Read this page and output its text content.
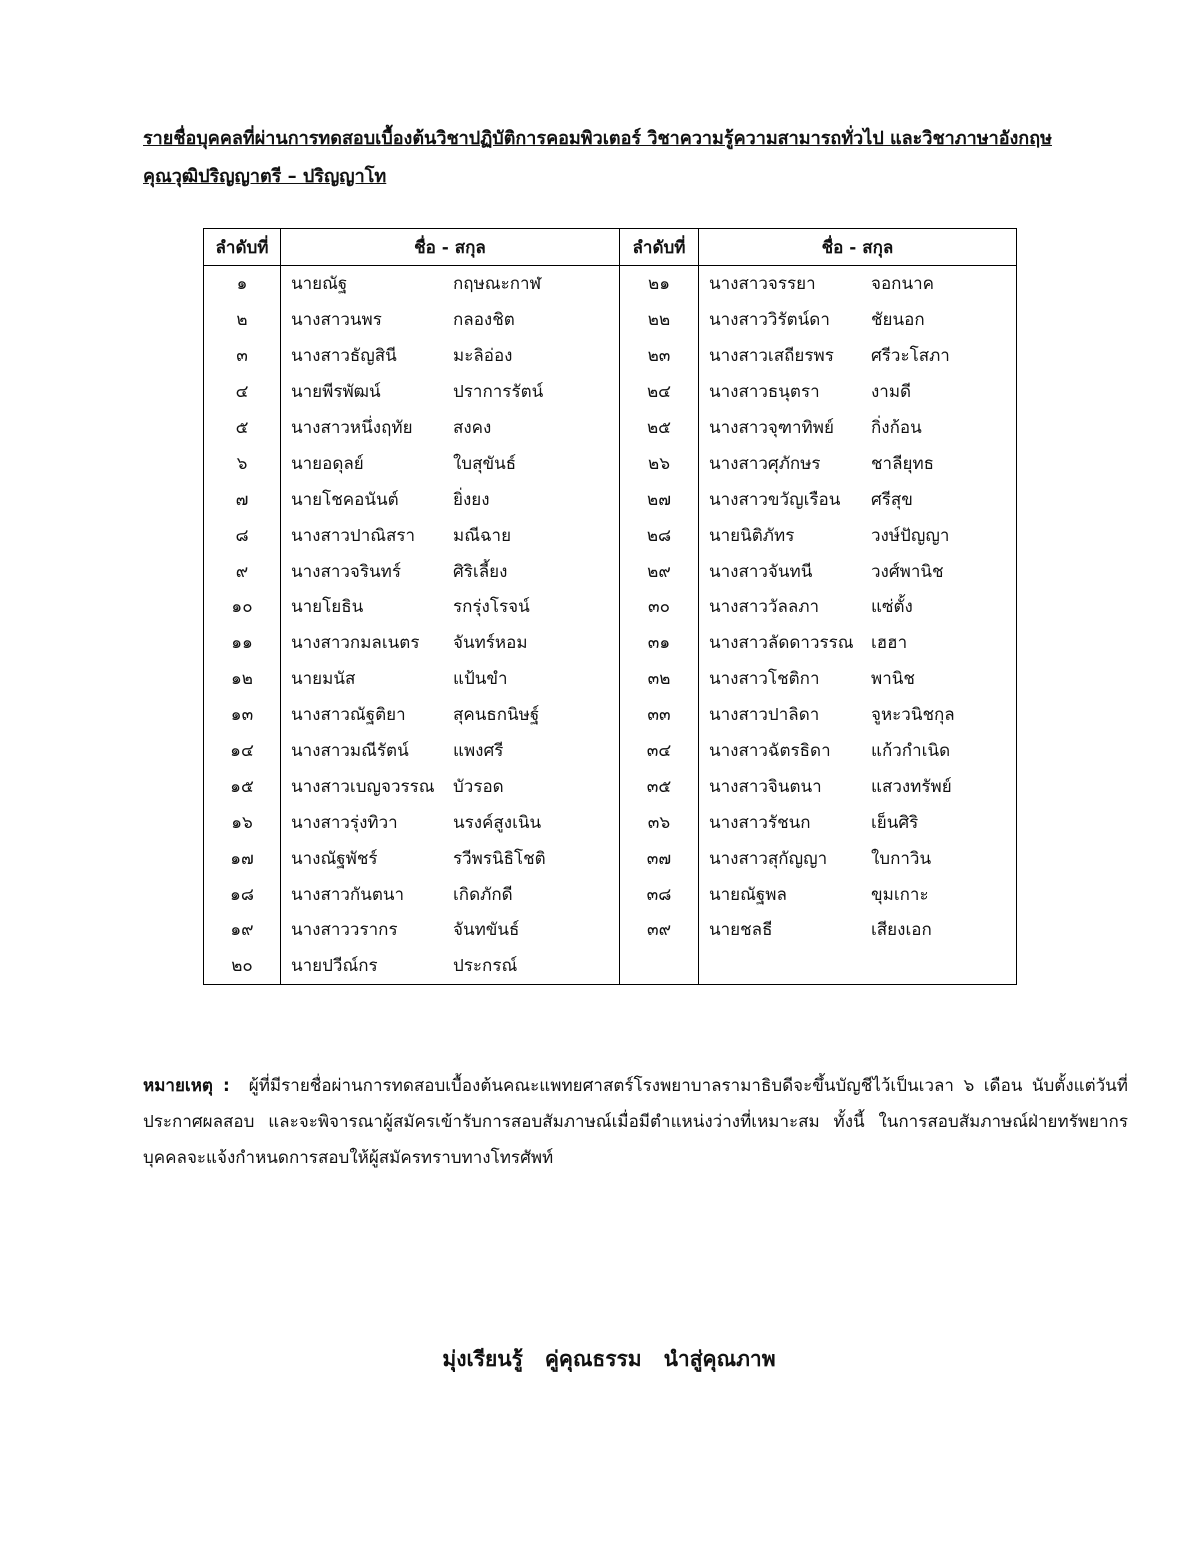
รายชื่อบุคคลที่ผ่านการทดสอบเบื้องต้นวิชาปฏิบัติการคอมพิวเตอร์ วิชาความรู้ความสามารถทั่วไป และวิชาภาษาอังกฤษ
คุณวุฒิปริญญาตรี – ปริญญาโท
ลำดับที่	ชื่อ - สกุล	ลำดับที่	ชื่อ - สกุล
๑	นายณัฐ กฤษณะกาฬ	๒๑	นางสาวจรรยา จอกนาค
๒	นางสาวนพร กลองชิต	๒๒	นางสาววิรัตน์ดา ชัยนอก
๓	นางสาวธัญสินี มะลิอ่อง	๒๓	นางสาวเสถียรพร ศรีวะโสภา
๔	นายพีรพัฒน์ ปราการรัตน์	๒๔	นางสาวธนุตรา งามดี
๕	นางสาวหนึ่งฤทัย สงคง	๒๕	นางสาวจุฑาทิพย์ กิ่งก้อน
๖	นายอดุลย์ ใบสุขันธ์	๒๖	นางสาวศุภักษร ชาลียุทธ
๗	นายโชคอนันต์ ยิ่งยง	๒๗	นางสาวขวัญเรือน ศรีสุข
๘	นางสาวปาณิสรา มณีฉาย	๒๘	นายนิติภัทร วงษ์ปัญญา
๙	นางสาวจรินทร์ ศิริเลี้ยง	๒๙	นางสาวจันทนี วงศ์พานิช
๑๐	นายโยธิน รกรุ่งโรจน์	๓๐	นางสาววัลลภา แซ่ตั้ง
๑๑	นางสาวกมลเนตร จันทร์หอม	๓๑	นางสาวลัดดาวรรณ เฮฮา
๑๒	นายมนัส แป้นขำ	๓๒	นางสาวโชติกา พานิช
๑๓	นางสาวณัฐติยา สุคนธกนิษฐ์	๓๓	นางสาวปาลิดา จูหะวนิชกุล
๑๔	นางสาวมณีรัตน์ แพงศรี	๓๔	นางสาวฉัตรธิดา แก้วกำเนิด
๑๕	นางสาวเบญจวรรณ บัวรอด	๓๕	นางสาวจินตนา แสวงทรัพย์
๑๖	นางสาวรุ่งทิวา นรงค์สูงเนิน	๓๖	นางสาวรัชนก เย็นศิริ
๑๗	นางณัฐพัชร์ รวีพรนิธิโชติ	๓๗	นางสาวสุกัญญา ใบกาวิน
๑๘	นางสาวกันตนา เกิดภักดี	๓๘	นายณัฐพล ขุมเกาะ
๑๙	นางสาววรากร จันทขันธ์	๓๙	นายชลธี เสียงเอก
๒๐	นายปวีณ์กร ประกรณ์		
หมายเหตุ : ผู้ที่มีรายชื่อผ่านการทดสอบเบื้องต้นคณะแพทยศาสตร์โรงพยาบาลรามาธิบดีจะขึ้นบัญชีไว้เป็นเวลา ๖ เดือน นับตั้งแต่วันที่ประกาศผลสอบ และจะพิจารณาผู้สมัครเข้ารับการสอบสัมภาษณ์เมื่อมีตำแหน่งว่างที่เหมาะสม ทั้งนี้ ในการสอบสัมภาษณ์ฝ่ายทรัพยากรบุคคลจะแจ้งกำหนดการสอบให้ผู้สมัครทราบทางโทรศัพท์
มุ่งเรียนรู้   คู่คุณธรรม   นำสู่คุณภาพ
